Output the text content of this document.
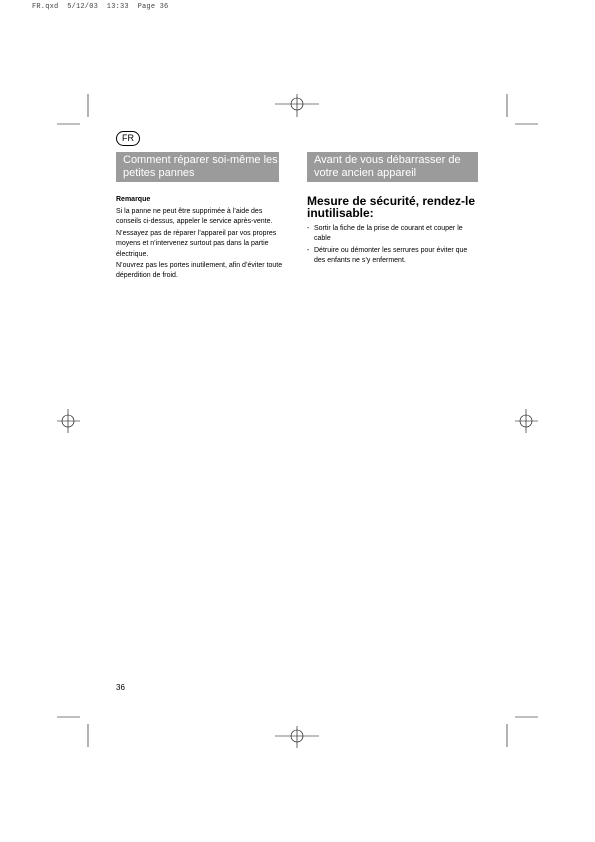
FR.qxd  5/12/03  13:33  Page 36
FR
Comment réparer soi-même les petites pannes
Avant de vous débarrasser de votre ancien appareil
Remarque

Si la panne ne peut être supprimée à l’aide des conseils ci-dessus, appeler le service après-vente.

N’essayez pas de réparer l’appareil par vos propres moyens et n’intervenez surtout pas dans la partie électrique.

N’ouvrez pas les portes inutilement, afin d’éviter toute déperdition de froid.

Mesure de sécurité, rendez-le inutilisable:
- Sortir la fiche de la prise de courant et couper le cable
- Détruire ou démonter les serrures pour éviter que des enfants ne s’y enferment.
36
